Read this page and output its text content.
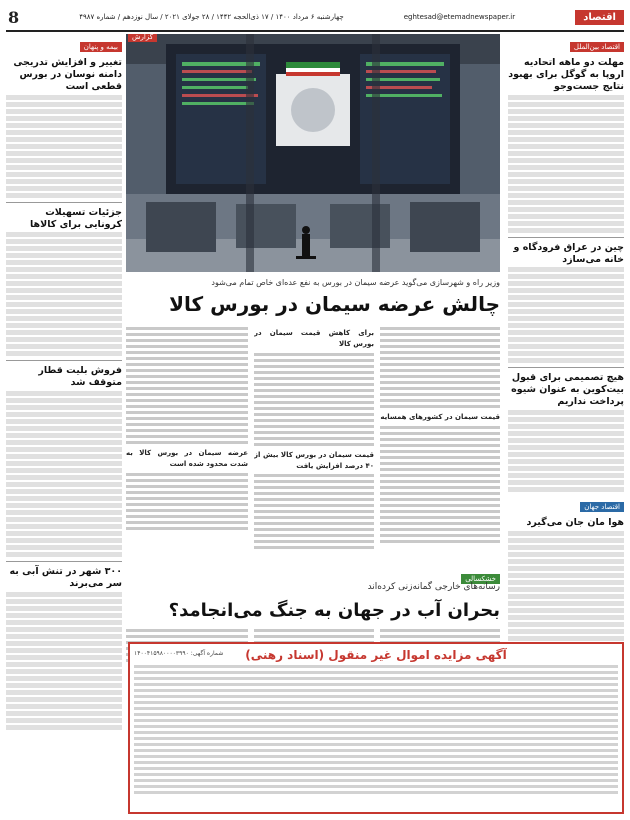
اقتصاد
eghtesad@etemadnewspaper.ir
چهارشنبه ۶ مرداد ۱۴۰۰ / ۱۷ ذی‌الحجه ۱۴۴۲ / ۲۸ جولای ۲۰۲۱ / سال نوزدهم / شماره ۴۹۸۷
8
اقتصاد بین‌الملل
مهلت دو ماهه اتحادیه اروپا به گوگل برای بهبود نتایج جست‌وجو
چین در عراق فرودگاه و خانه می‌سازد
هیچ تصمیمی برای قبول بیت‌کوین به عنوان شیوه پرداخت نداریم
اقتصاد جهان
هوا مان جان می‌گیرد
بیمه و پنهان
تغییر و افزایش تدریجی دامنه نوسان در بورس قطعی است
جزئیات تسهیلات کرونایی برای کالاها
فروش بلیت قطار متوقف شد
۳۰۰ شهر در تنش آبی به سر می‌برند
گزارش
وزیر راه و شهرسازی می‌گوید عرضه سیمان در بورس به نفع عده‌ای خاص تمام می‌شود
چالش عرضه سیمان در بورس کالا
قیمت سیمان در کشور‌های همسایه
برای کاهش قیمت سیمان در بورس کالا
قیمت سیمان در بورس کالا بیش از ۴۰ درصد افزایش یافت
عرضه سیمان در بورس کالا به شدت محدود شده است
خشکسالی
رسانه‌های خارجی گمانه‌زنی کرده‌اند
بحران آب در جهان به جنگ می‌انجامد؟
آگهی مزایده اموال غیر منقول (اسناد رهنی)
شماره آگهی: ۱۴۰۰۴۱۵۹۸۰۰۰۰۳۹۹۰
